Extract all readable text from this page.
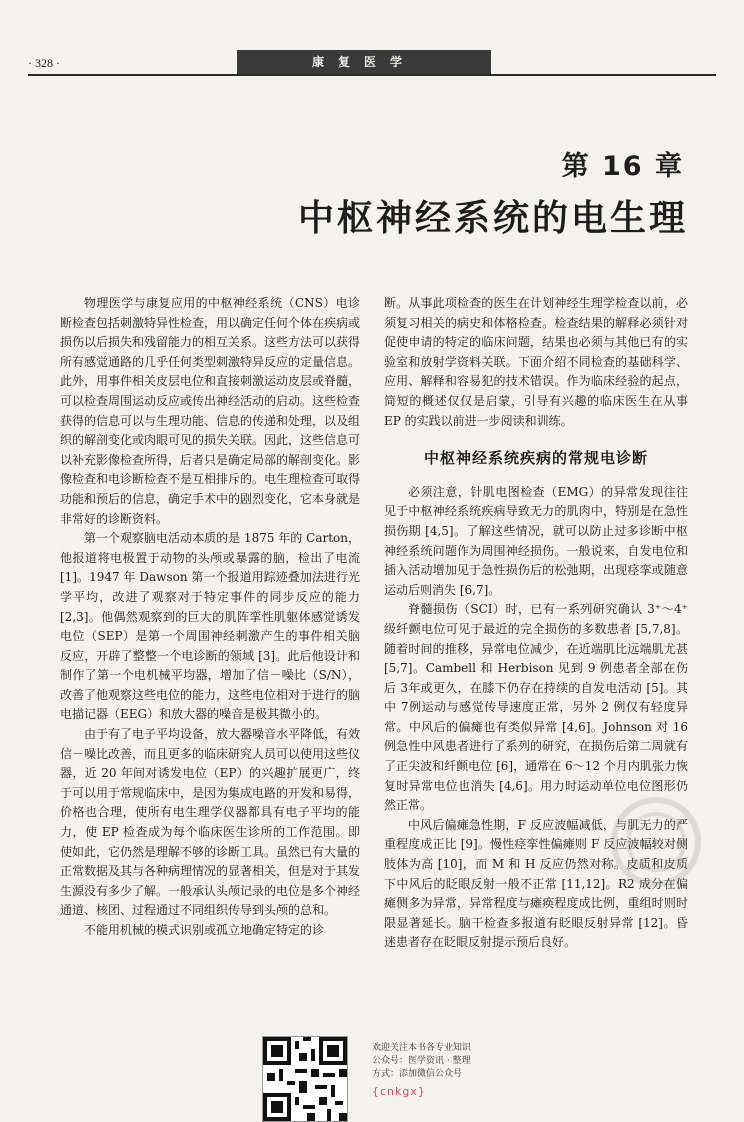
· 328 ·	康复医学
第 16 章
中枢神经系统的电生理

物理医学与康复应用的中枢神经系统（CNS）电诊断检查包括刺激特异性检查，用以确定任何个体在疾病或损伤以后损失和残留能力的相互关系。这些方法可以获得所有感觉通路的几乎任何类型刺激特异反应的定量信息。此外，用事件相关皮层电位和直接刺激运动皮层或脊髓，可以检查周围运动反应或传出神经活动的启动。这些检查获得的信息可以与生理功能、信息的传递和处理，以及组织的解剖变化或肉眼可见的损失关联。因此，这些信息可以补充影像检查所得，后者只是确定局部的解剖变化。影像检查和电诊断检查不是互相排斥的。电生理检查可取得功能和预后的信息，确定手术中的剧烈变化，它本身就是非常好的诊断资料。

第一个观察脑电活动本质的是 1875 年的 Carton，他报道将电极置于动物的头颅或暴露的脑，检出了电流 [1]。1947 年 Dawson 第一个报道用踪迹叠加法进行光学平均，改进了观察对于特定事件的同步反应的能力 [2,3]。他偶然观察到的巨大的肌阵挛性肌躯体感觉诱发电位（SEP）是第一个周围神经刺激产生的事件相关脑反应，开辟了整整一个电诊断的领域 [3]。此后他设计和制作了第一个电机械平均器，增加了信－噪比（S/N），改善了他观察这些电位的能力，这些电位相对于进行的脑电描记器（EEG）和放大器的噪音是极其微小的。

由于有了电子平均设备，放大器噪音水平降低，有效信－噪比改善，而且更多的临床研究人员可以使用这些仪器，近 20 年间对诱发电位（EP）的兴趣扩展更广，终于可以用于常规临床中，是因为集成电路的开发和易得，价格也合理，使所有电生理学仪器都具有电子平均的能力，使 EP 检查成为每个临床医生诊所的工作范围。即使如此，它仍然是理解不够的诊断工具。虽然已有大量的正常数据及其与各种病理情况的显著相关，但是对于其发生源没有多少了解。一般承认头颅记录的电位是多个神经通道、核团、过程通过不同组织传导到头颅的总和。

不能用机械的模式识别或孤立地确定特定的诊

断。从事此项检查的医生在计划神经生理学检查以前，必须复习相关的病史和体格检查。检查结果的解释必须针对促使申请的特定的临床问题，结果也必须与其他已有的实验室和放射学资料关联。下面介绍不同检查的基础科学、应用、解释和容易犯的技术错误。作为临床经验的起点，简短的概述仅仅是启蒙，引导有兴趣的临床医生在从事 EP 的实践以前进一步阅读和训练。

中枢神经系统疾病的常规电诊断

必须注意，针肌电图检查（EMG）的异常发现往往见于中枢神经系统疾病导致无力的肌肉中，特别是在急性损伤期 [4,5]。了解这些情况，就可以防止过多诊断中枢神经系统问题作为周围神经损伤。一般说来，自发电位和插入活动增加见于急性损伤后的松弛期，出现痉挛或随意运动后则消失 [6,7]。

脊髓损伤（SCI）时，已有一系列研究确认 3⁺～4⁺级纤颤电位可见于最近的完全损伤的多数患者 [5,7,8]。随着时间的推移，异常电位减少，在近端肌比远端肌尤甚 [5,7]。Cambell 和 Herbison 见到 9 例患者全部在伤后 3年或更久，在膝下仍存在持续的自发电活动 [5]。其中 7例运动与感觉传导速度正常，另外 2 例仅有轻度异常。中风后的偏瘫也有类似异常 [4,6]。Johnson 对 16 例急性中风患者进行了系列的研究，在损伤后第二周就有了正尖波和纤颤电位 [6]，通常在 6～12 个月内肌张力恢复时异常电位也消失 [4,6]。用力时运动单位电位图形仍然正常。

中风后偏瘫急性期，F 反应波幅减低，与肌无力的严重程度成正比 [9]。慢性痉挛性偏瘫则 F 反应波幅较对侧肢体为高 [10]，而 M 和 H 反应仍然对称。皮质和皮质下中风后的眨眼反射一般不正常 [11,12]。R2 成分在偏瘫侧多为异常，异常程度与瘫痪程度成比例，重组时则时限显著延长。脑干检查多报道有眨眼反射异常 [12]。昏迷患者存在眨眼反射提示预后良好。

欢迎关注本书各专业知识
公众号：医学资讯 · 整理
方式：添加微信公众号
{cnkgx}
